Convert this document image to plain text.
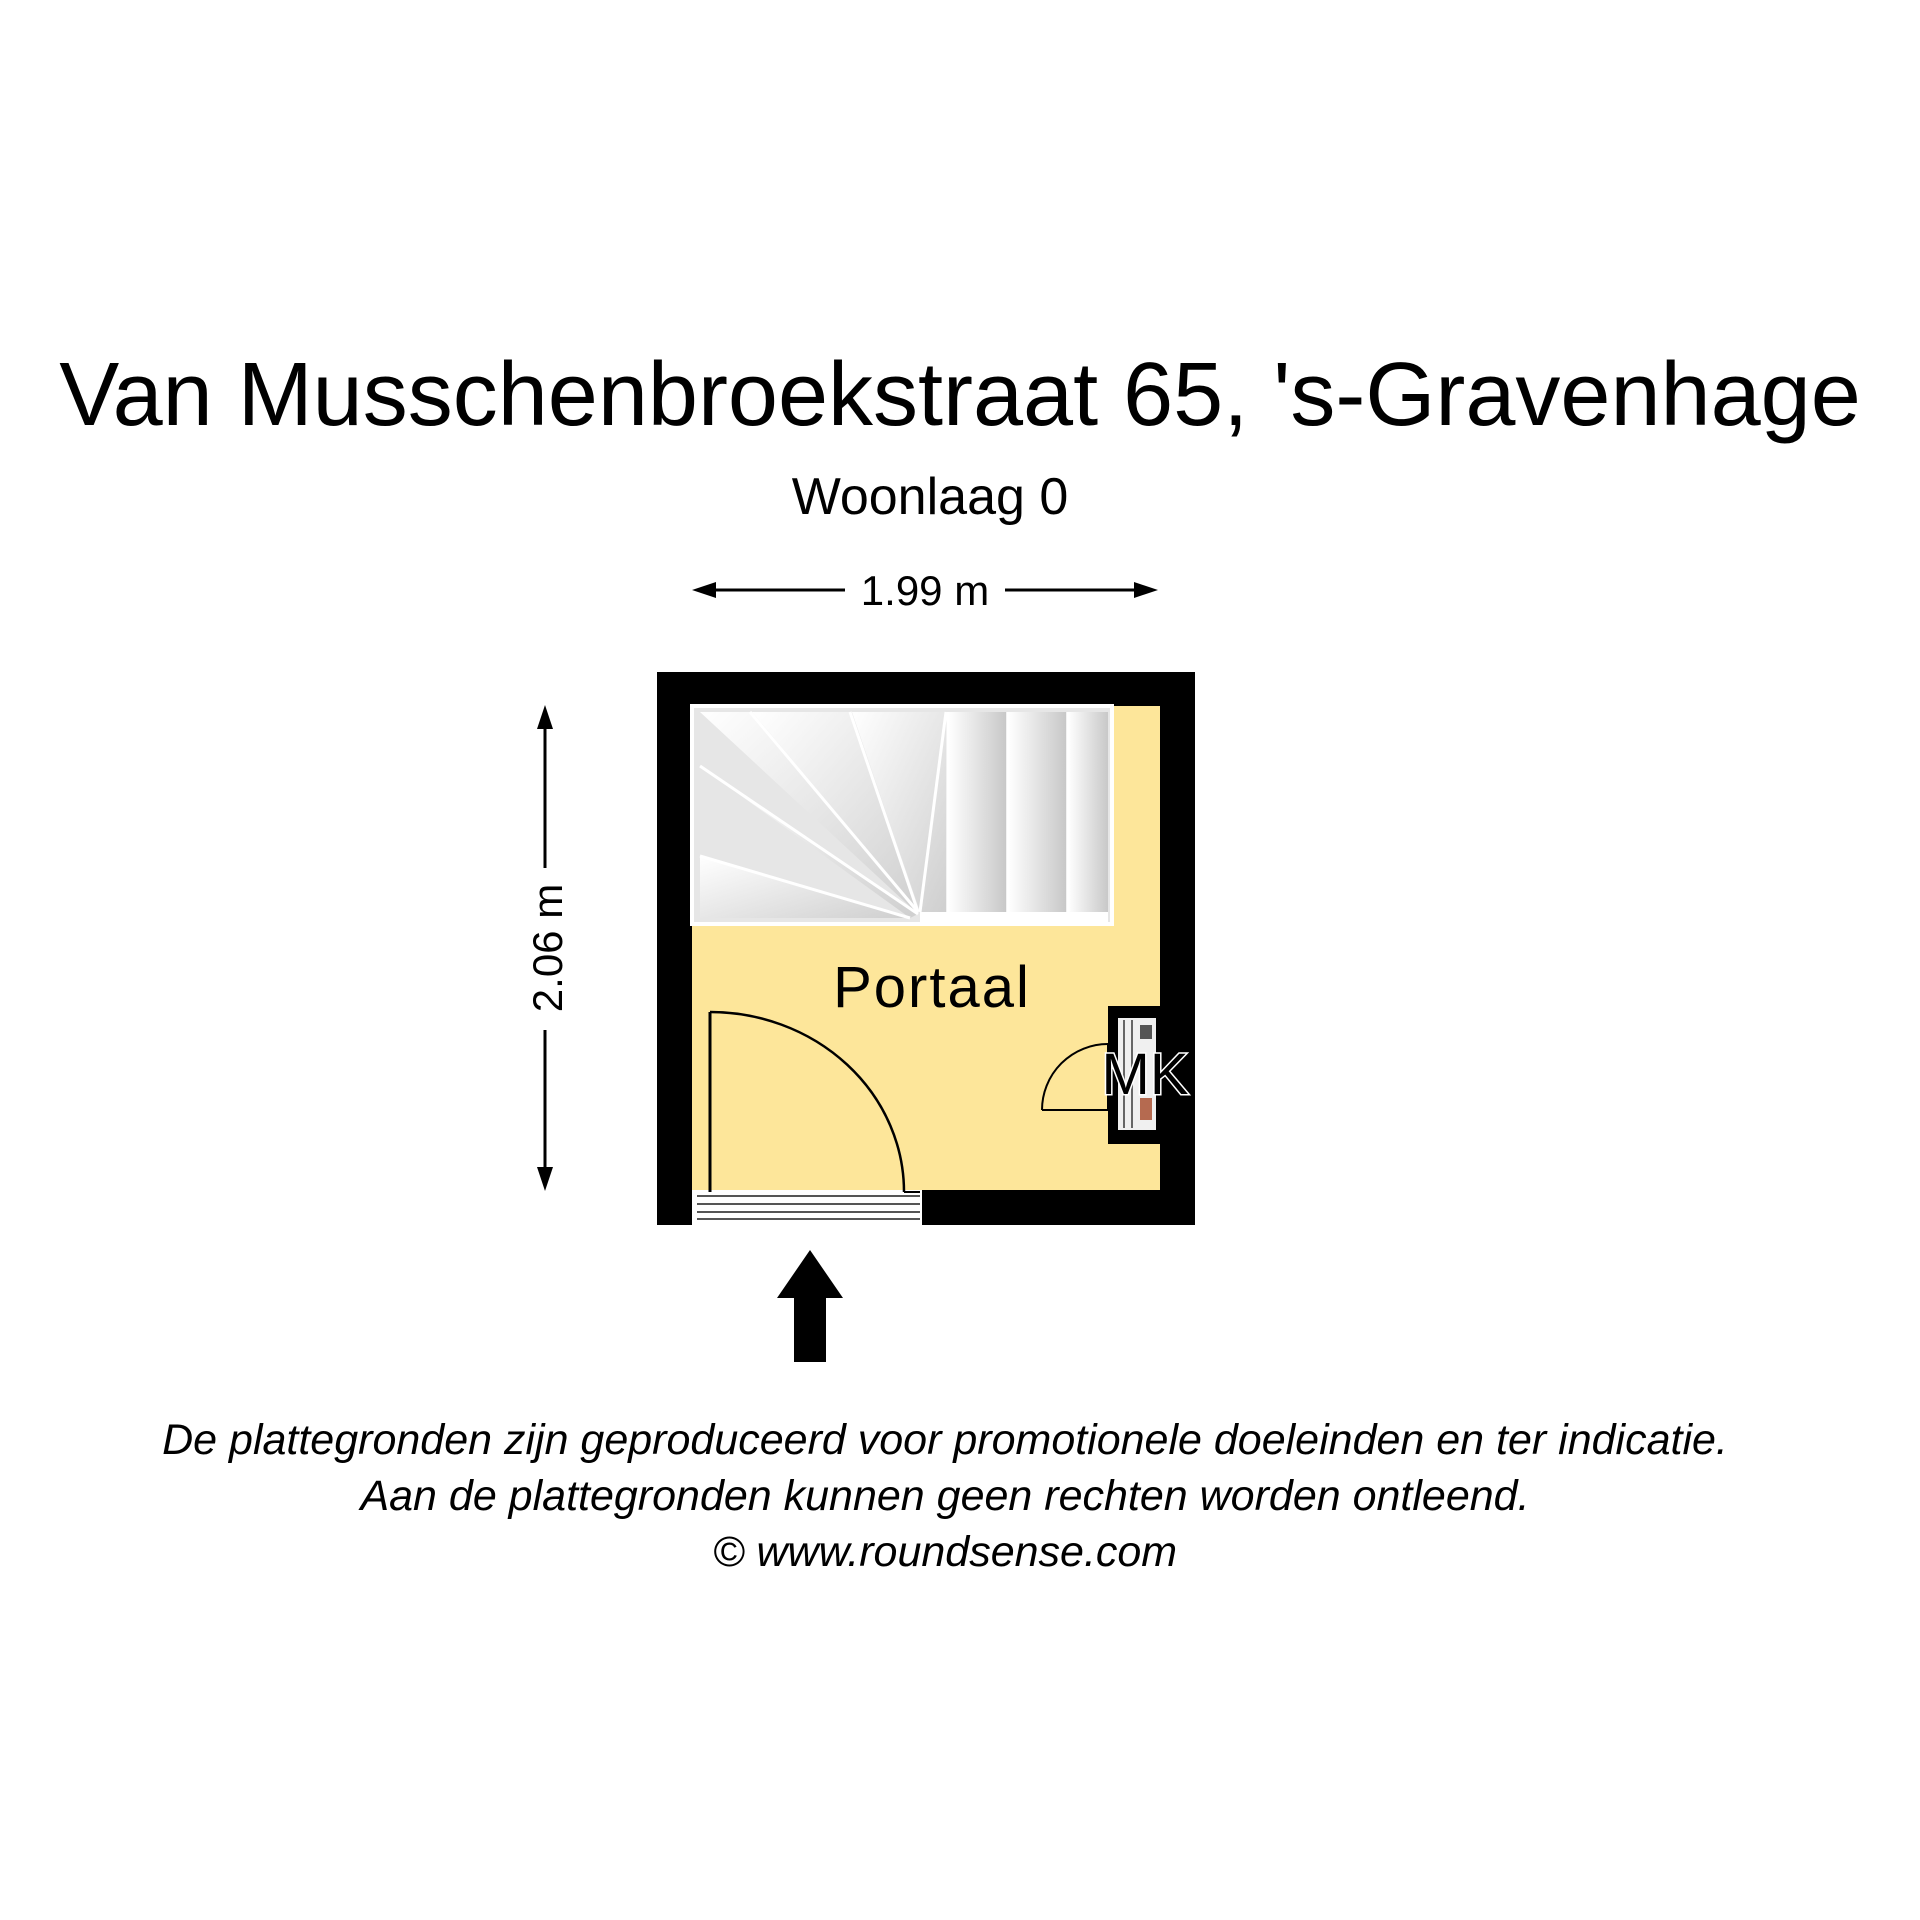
Van Musschenbroekstraat 65, 's-Gravenhage
Woonlaag 0
1.99 m
2.06 m
MK
Portaal
De plattegronden zijn geproduceerd voor promotionele doeleinden en ter indicatie.
Aan de plattegronden kunnen geen rechten worden ontleend.
© www.roundsense.com
